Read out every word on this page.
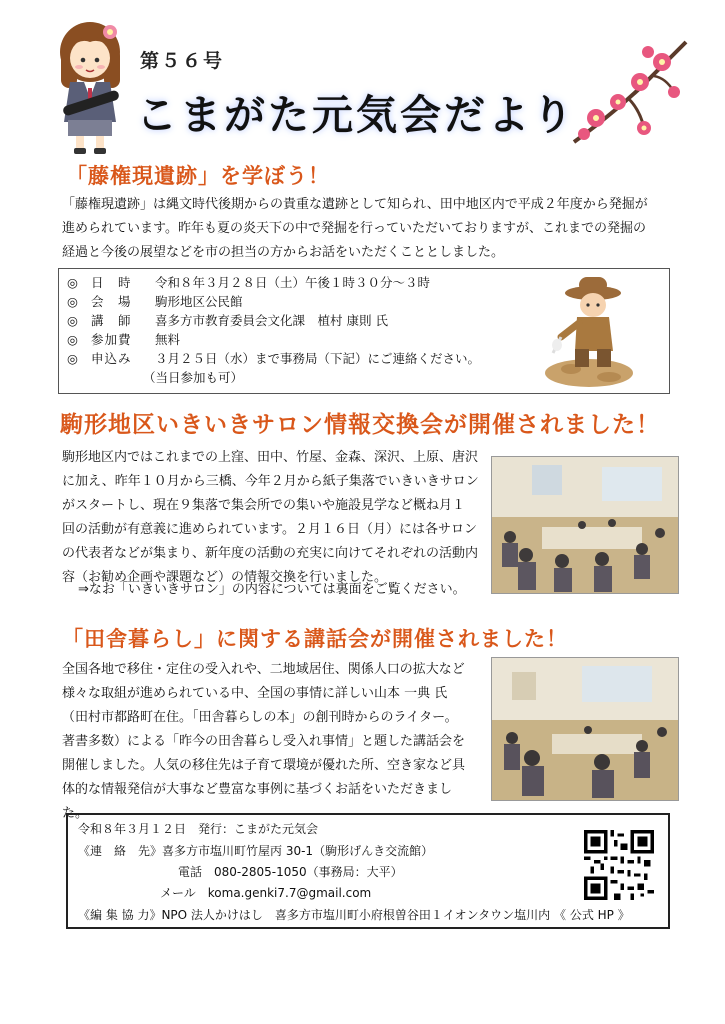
第５６号
こまがた元気会だより
「藤権現遺跡」を学ぼう！
「藤権現遺跡」は縄文時代後期からの貴重な遺跡として知られ、田中地区内で平成２年度から発掘が
進められています。昨年も夏の炎天下の中で発掘を行っていただいておりますが、これまでの発掘の
経過と今後の展望などを市の担当の方からお話をいただくこととしました。
◎ 日　時 令和８年３月２８日（土）午後１時３０分～３時
◎ 会　場 駒形地区公民館
◎ 講　師 喜多方市教育委員会文化課　植村 康則 氏
◎ 参加費 無料
◎ 申込み ３月２５日（水）まで事務局（下記）にご連絡ください。
（当日参加も可）
駒形地区いきいきサロン情報交換会が開催されました！
駒形地区内ではこれまでの上窪、田中、竹屋、金森、深沢、上原、唐沢
に加え、昨年１０月から三橋、今年２月から紙子集落でいきいきサロン
がスタートし、現在９集落で集会所での集いや施設見学など概ね月１
回の活動が有意義に進められています。２月１６日（月）には各サロン
の代表者などが集まり、新年度の活動の充実に向けてそれぞれの活動内
容（お勧め企画や課題など）の情報交換を行いました。
⇒なお「いきいきサロン」の内容については裏面をご覧ください。
「田舎暮らし」に関する講話会が開催されました！
全国各地で移住・定住の受入れや、二地域居住、関係人口の拡大など
様々な取組が進められている中、全国の事情に詳しい山本 一典 氏
（田村市都路町在住。「田舎暮らしの本」の創刊時からのライター。
著書多数）による「昨今の田舎暮らし受入れ事情」と題した講話会を
開催しました。人気の移住先は子育て環境が優れた所、空き家など具
体的な情報発信が大事など豊富な事例に基づくお話をいただきまし
た。
令和８年３月１２日　発行：こまがた元気会
《連　絡　先》喜多方市塩川町竹屋丙 30-1（駒形げんき交流館）
電話　080-2805-1050（事務局：大平）
メール　koma.genki7.7@gmail.com
《編 集 協 力》NPO 法人かけはし　喜多方市塩川町小府根曽谷田１イオンタウン塩川内 《 公式 HP 》
